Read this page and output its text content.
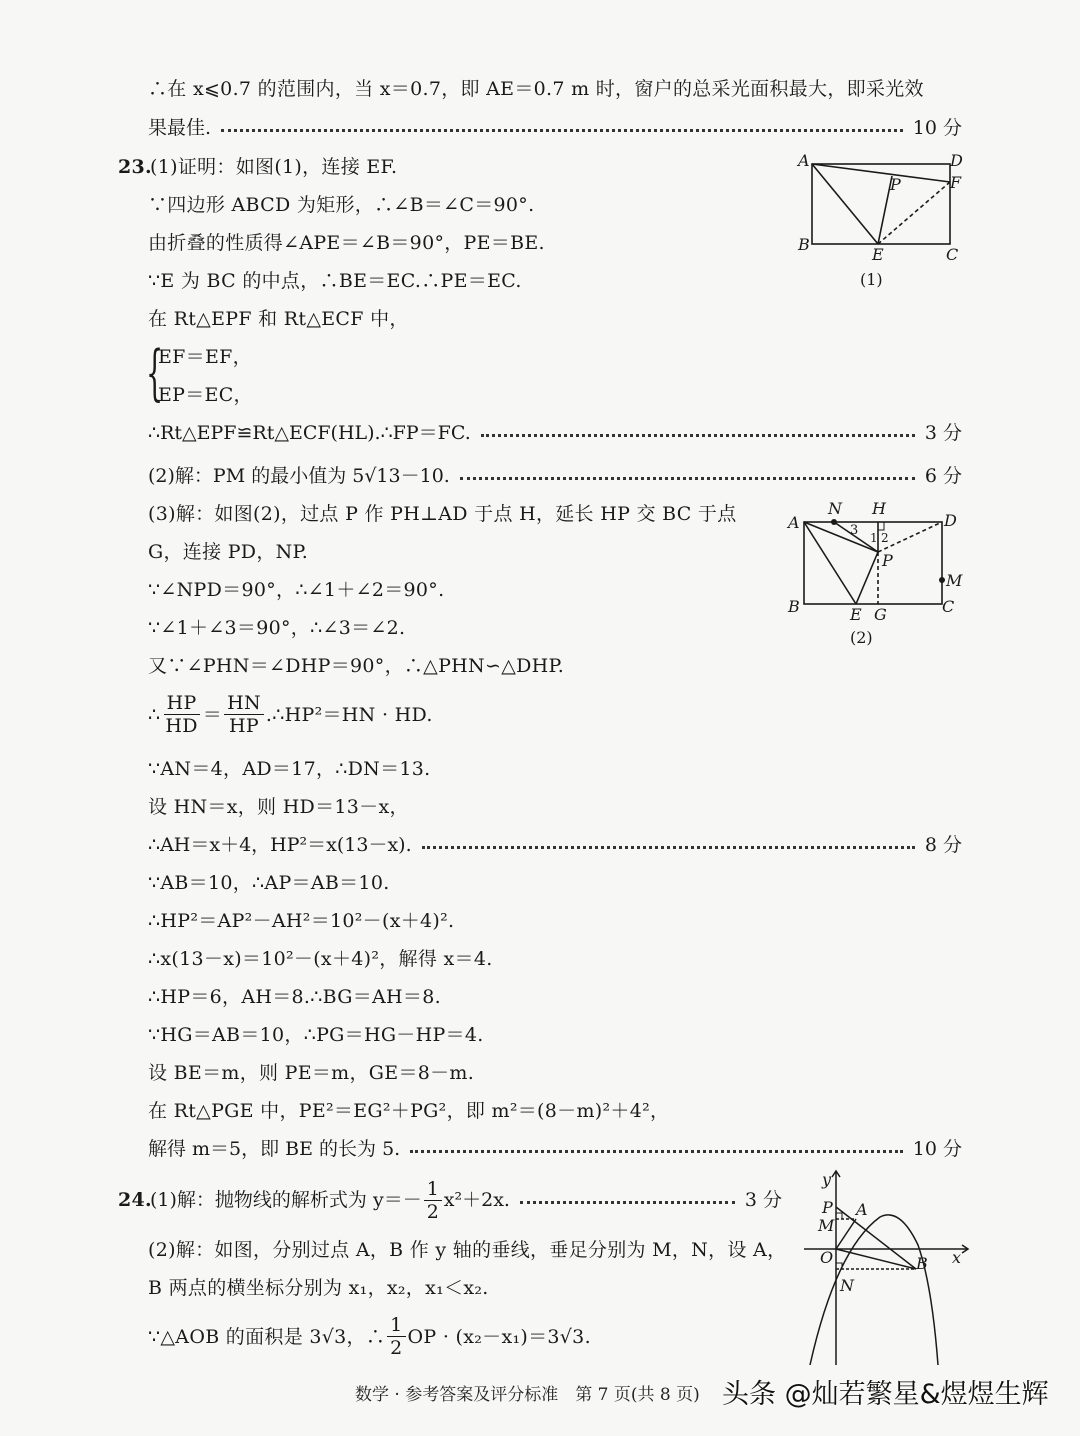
∴在 x⩽0.7 的范围内，当 x＝0.7，即 AE＝0.7 m 时，窗户的总采光面积最大，即采光效
果最佳.	10 分
23.
(1)证明：如图(1)，连接 EF.
∵四边形 ABCD 为矩形，∴∠B＝∠C＝90°.
由折叠的性质得∠APE＝∠B＝90°，PE＝BE.
∵E 为 BC 的中点，∴BE＝EC.∴PE＝EC.
在 Rt△EPF 和 Rt△ECF 中，
{
EF＝EF，
EP＝EC，
∴Rt△EPF≌Rt△ECF(HL).∴FP＝FC.	3 分
(2)解：PM 的最小值为 5√13－10.	6 分
(3)解：如图(2)，过点 P 作 PH⊥AD 于点 H，延长 HP 交 BC 于点
G，连接 PD，NP.
∵∠NPD＝90°，∴∠1＋∠2＝90°.
∵∠1＋∠3＝90°，∴∠3＝∠2.
又∵∠PHN＝∠DHP＝90°，∴△PHN∽△DHP.
∴ $\frac{HP}{HD} = \frac{HN}{HP}$ .∴HP²＝HN · HD.
∵AN＝4，AD＝17，∴DN＝13.
设 HN＝x，则 HD＝13－x，
∴AH＝x＋4，HP²＝x(13－x).	8 分
∵AB＝10，∴AP＝AB＝10.
∴HP²＝AP²－AH²＝10²－(x＋4)².
∴x(13－x)＝10²－(x＋4)²，解得 x＝4.
∴HP＝6，AH＝8.∴BG＝AH＝8.
∵HG＝AB＝10，∴PG＝HG－HP＝4.
设 BE＝m，则 PE＝m，GE＝8－m.
在 Rt△PGE 中，PE²＝EG²＋PG²，即 m²＝(8－m)²＋4²，
解得 m＝5，即 BE 的长为 5.	10 分
24.
(1)解：抛物线的解析式为 $y=- \frac{1}{2} x^2+2x$.	3 分
(2)解：如图，分别过点 A，B 作 y 轴的垂线，垂足分别为 M，N，设 A，
B 两点的横坐标分别为 x₁，x₂，x₁＜x₂.
∵△AOB 的面积是 3√3，∴ $\frac{1}{2}$ OP · (x₂－x₁)＝3√3.
A	D
F
P
B
E	C
(1)
A
N H
D
3 1 2
P
M
B	E G	C
(2)
y
x
O
P
M
A
B
N
数学 · 参考答案及评分标准　第 7 页(共 8 页) 头条 @灿若繁星&煜煜生辉
